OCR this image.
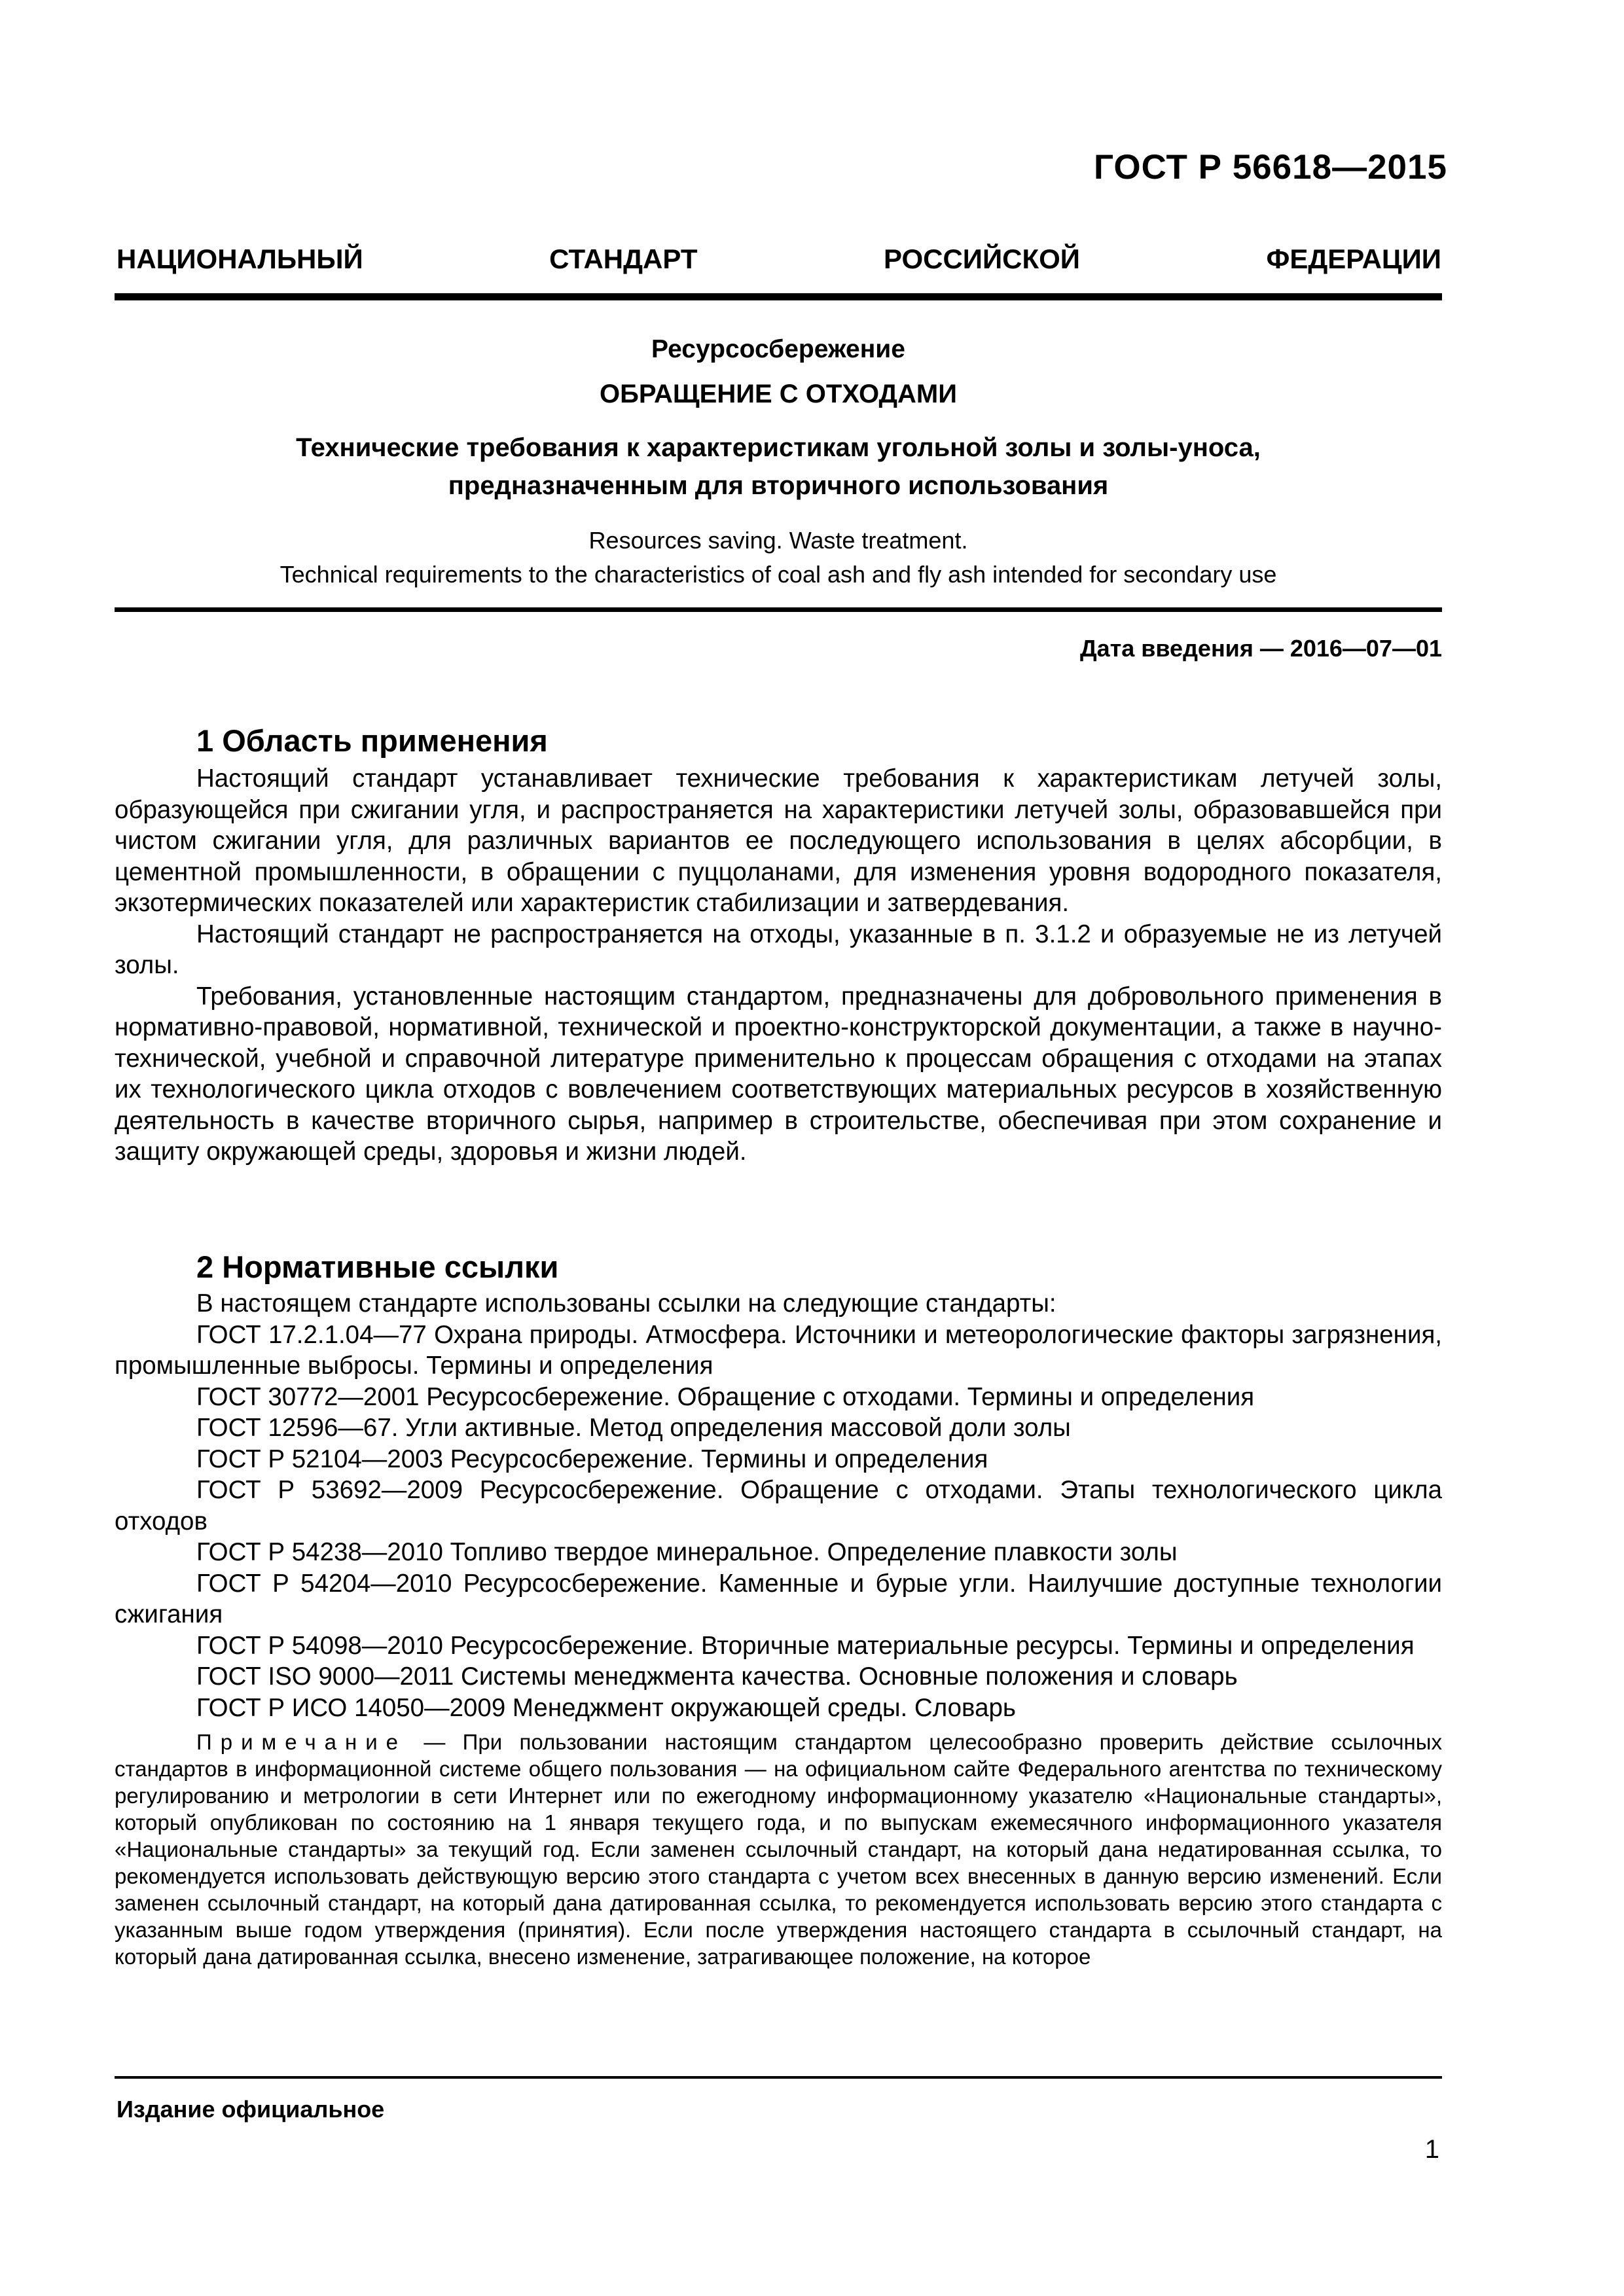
ГОСТ Р 56618—2015
НАЦИОНАЛЬНЫЙ СТАНДАРТ РОССИЙСКОЙ ФЕДЕРАЦИИ
Ресурсосбережение
ОБРАЩЕНИЕ С ОТХОДАМИ
Технические требования к характеристикам угольной золы и золы-уноса,
предназначенным для вторичного использования
Resources saving. Waste treatment.
Technical requirements to the characteristics of coal ash and fly ash intended for secondary use
Дата введения — 2016—07—01
1 Область применения

Настоящий стандарт устанавливает технические требования к характеристикам летучей золы, образующейся при сжигании угля, и распространяется на характеристики летучей золы, образовавшейся при чистом сжигании угля, для различных вариантов ее последующего использования в целях абсорбции, в цементной промышленности, в обращении с пуццоланами, для изменения уровня водородного показателя, экзотермических показателей или характеристик стабилизации и затвердевания.

Настоящий стандарт не распространяется на отходы, указанные в п. 3.1.2 и образуемые не из летучей золы.

Требования, установленные настоящим стандартом, предназначены для добровольного применения в нормативно-правовой, нормативной, технической и проектно-конструкторской документации, а также в научно-технической, учебной и справочной литературе применительно к процессам обращения с отходами на этапах их технологического цикла отходов с вовлечением соответствующих материальных ресурсов в хозяйственную деятельность в качестве вторичного сырья, например в строительстве, обеспечивая при этом сохранение и защиту окружающей среды, здоровья и жизни людей.

2 Нормативные ссылки

В настоящем стандарте использованы ссылки на следующие стандарты:

ГОСТ 17.2.1.04—77 Охрана природы. Атмосфера. Источники и метеорологические факторы загрязнения, промышленные выбросы. Термины и определения

ГОСТ 30772—2001 Ресурсосбережение. Обращение с отходами. Термины и определения

ГОСТ 12596—67. Угли активные. Метод определения массовой доли золы

ГОСТ Р 52104—2003 Ресурсосбережение. Термины и определения

ГОСТ Р 53692—2009 Ресурсосбережение. Обращение с отходами. Этапы технологического цикла отходов

ГОСТ Р 54238—2010 Топливо твердое минеральное. Определение плавкости золы

ГОСТ Р 54204—2010 Ресурсосбережение. Каменные и бурые угли. Наилучшие доступные технологии сжигания

ГОСТ Р 54098—2010 Ресурсосбережение. Вторичные материальные ресурсы. Термины и определения

ГОСТ ISO 9000—2011 Системы менеджмента качества. Основные положения и словарь

ГОСТ Р ИСО 14050—2009 Менеджмент окружающей среды. Словарь

Примечание — При пользовании настоящим стандартом целесообразно проверить действие ссылочных стандартов в информационной системе общего пользования — на официальном сайте Федерального агентства по техническому регулированию и метрологии в сети Интернет или по ежегодному информационному указателю «Национальные стандарты», который опубликован по состоянию на 1 января текущего года, и по выпускам ежемесячного информационного указателя «Национальные стандарты» за текущий год. Если заменен ссылочный стандарт, на который дана недатированная ссылка, то рекомендуется использовать действующую версию этого стандарта с учетом всех внесенных в данную версию изменений. Если заменен ссылочный стандарт, на который дана датированная ссылка, то рекомендуется использовать версию этого стандарта с указанным выше годом утверждения (принятия). Если после утверждения настоящего стандарта в ссылочный стандарт, на который дана датированная ссылка, внесено изменение, затрагивающее положение, на которое

Издание официальное
1
